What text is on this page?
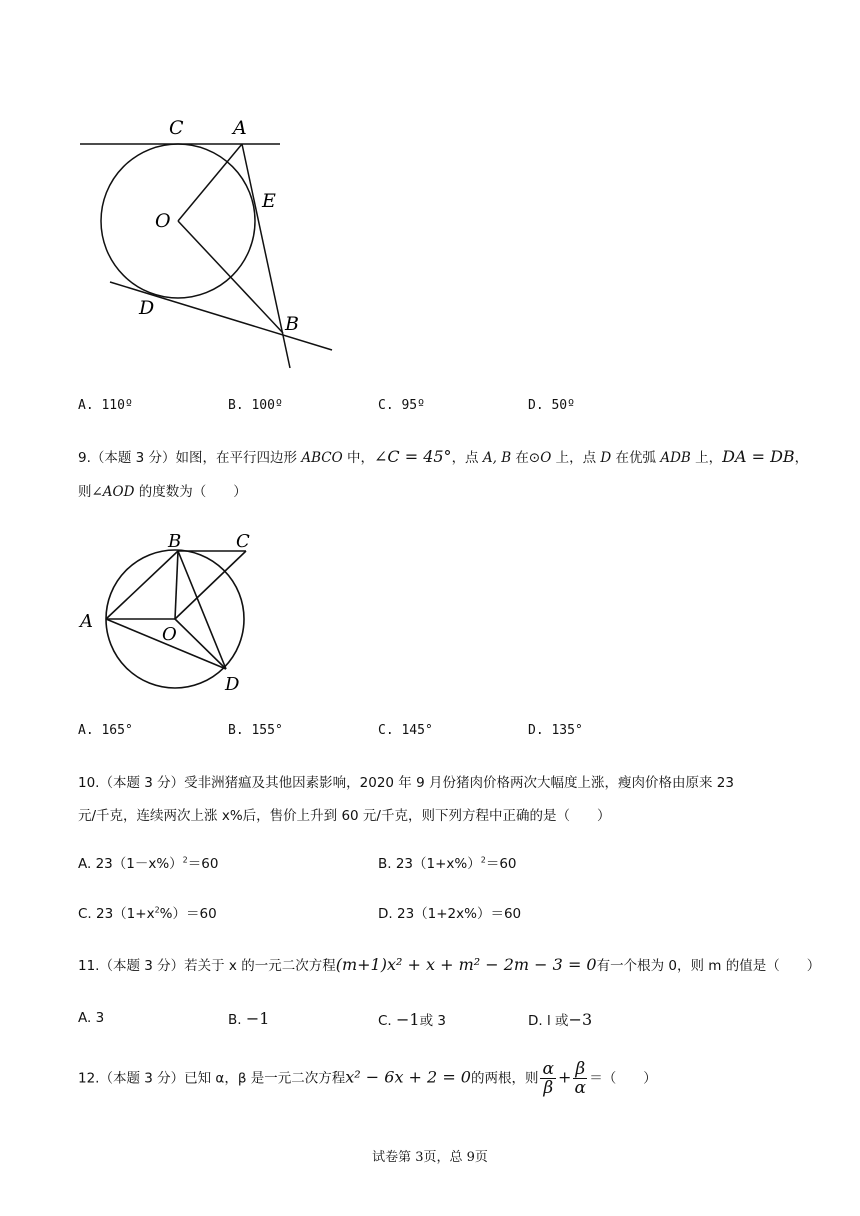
C	A
E
O
D
B
A. 110º	B. 100º	C. 95º	D. 50º
9.（本题 3 分）如图，在平行四边形 ABCO 中，∠C = 45°，点 A, B 在⊙O 上，点 D 在优弧 ADB 上，DA = DB，
则∠AOD 的度数为（　　）
B	C
A
O
D
A. 165°	B. 155°	C. 145°	D. 135°
10.（本题 3 分）受非洲猪瘟及其他因素影响，2020 年 9 月份猪肉价格两次大幅度上涨，瘦肉价格由原来 23
元/千克，连续两次上涨 x%后，售价上升到 60 元/千克，则下列方程中正确的是（　　）
A. $23(1-x\%)^2=60$	B. $23(1+x\%)^2=60$
C. $23(1+x^2\%)=60$	D. 23（1+2x%）＝60
11.（本题 3 分）若关于 x 的一元二次方程(m+1)x² + x + m² − 2m − 3 = 0有一个根为 0，则 m 的值是（　　）
A. 3	B. −1	C. −1或 3	D. l 或−3
12.（本题 3 分）已知 α，β 是一元二次方程x² − 6x + 2 = 0的两根，则 $\frac{\alpha}{\beta} + \frac{\beta}{\alpha}$ ＝（　　）
试卷第 3页，总 9页
